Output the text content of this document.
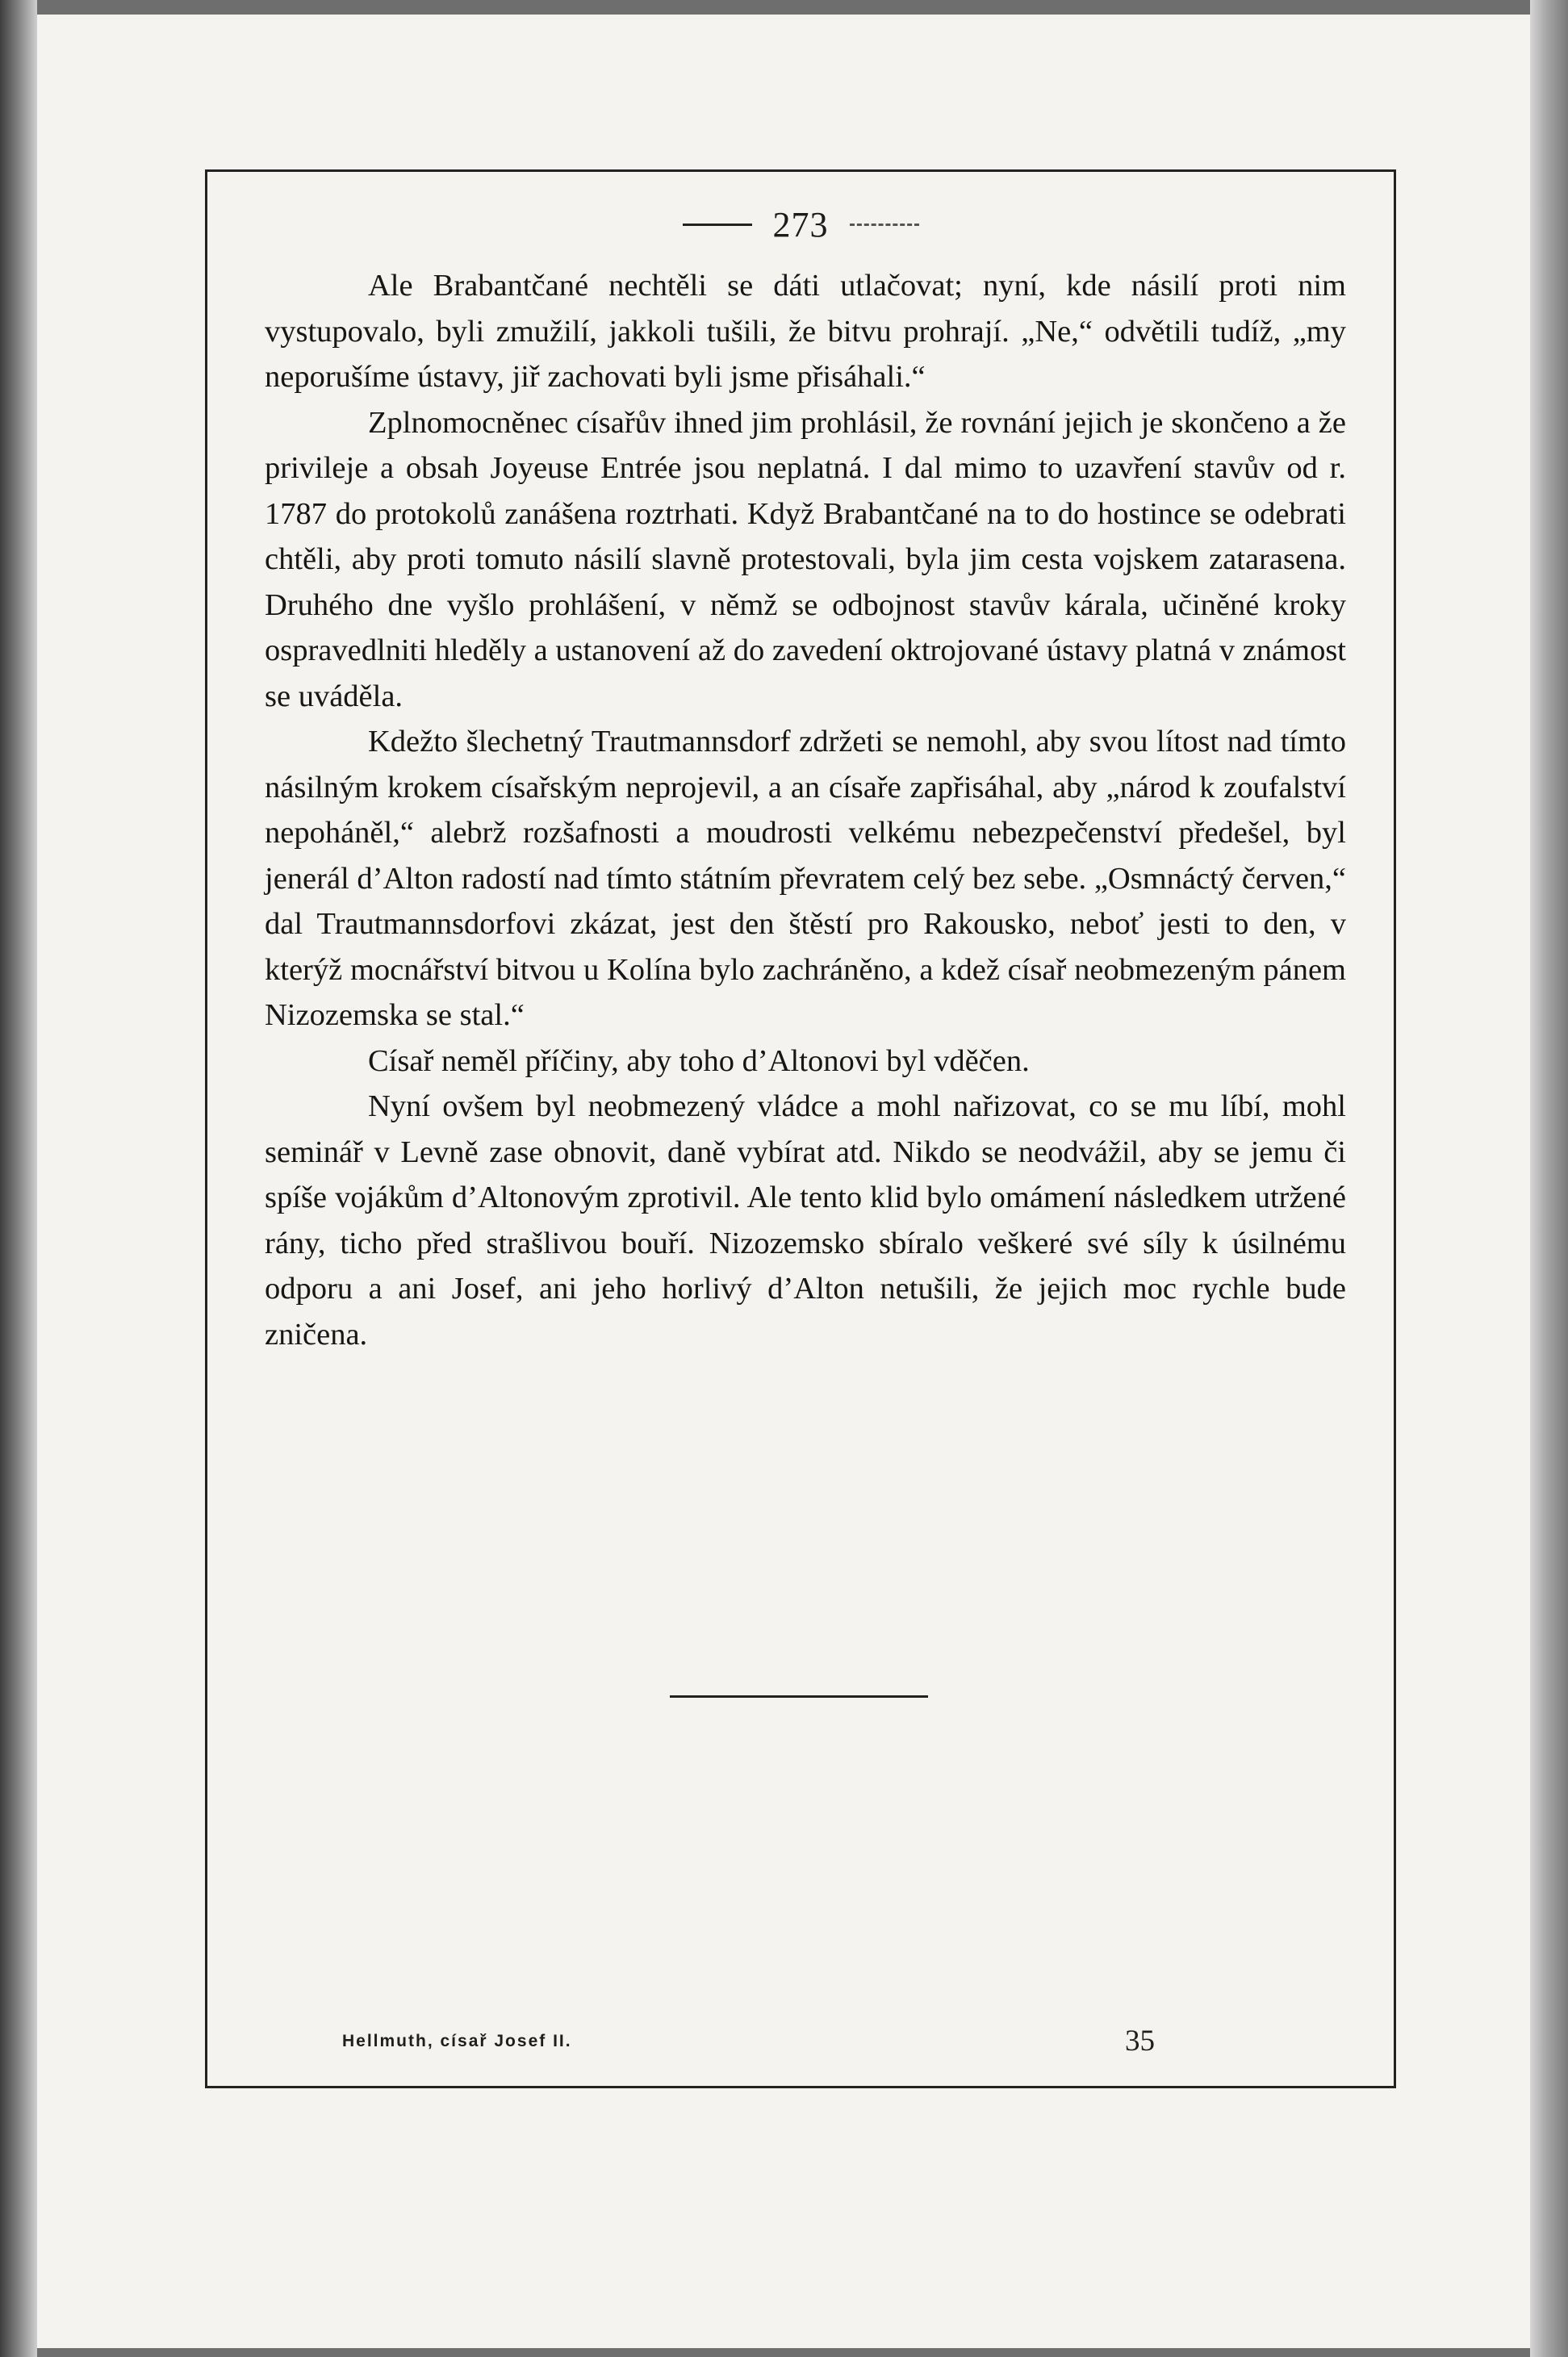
273

Ale Brabantčané nechtěli se dáti utlačovat; nyní, kde násilí proti nim vystupovalo, byli zmužilí, jakkoli tušili, že bitvu prohrají. „Ne,“ odvětili tudíž, „my neporušíme ústavy, jiř zachovati byli jsme přisáhali.“

Zplnomocněnec císařův ihned jim prohlásil, že rovnání jejich je skončeno a že privileje a obsah Joyeuse Entrée jsou neplatná. I dal mimo to uzavření stavův od r. 1787 do protokolů zanášena roztrhati. Když Brabantčané na to do hostince se odebrati chtěli, aby proti tomuto násilí slavně protestovali, byla jim cesta vojskem zatarasena. Druhého dne vyšlo prohlášení, v němž se odbojnost stavův kárala, učiněné kroky ospravedlniti hleděly a ustanovení až do zavedení oktrojované ústavy platná v známost se uváděla.

Kdežto šlechetný Trautmannsdorf zdržeti se nemohl, aby svou lítost nad tímto násilným krokem císařským neprojevil, a an císaře zapřisáhal, aby „národ k zoufalství nepoháněl,“ alebrž rozšafnosti a moudrosti velkému nebezpečenství předešel, byl jenerál d’Alton radostí nad tímto státním převratem celý bez sebe. „Osmnáctý červen,“ dal Trautmannsdorfovi zkázat, jest den štěstí pro Rakousko, neboť jesti to den, v kterýž mocnářství bitvou u Kolína bylo zachráněno, a kdež císař neobmezeným pánem Nizozemska se stal.“

Císař neměl příčiny, aby toho d’Altonovi byl vděčen.

Nyní ovšem byl neobmezený vládce a mohl nařizovat, co se mu líbí, mohl seminář v Levně zase obnovit, daně vybírat atd. Nikdo se neodvážil, aby se jemu či spíše vojákům d’Altonovým zprotivil. Ale tento klid bylo omámení následkem utržené rány, ticho před strašlivou bouří. Nizozemsko sbíralo veškeré své síly k úsilnému odporu a ani Josef, ani jeho horlivý d’Alton netušili, že jejich moc rychle bude zničena.

Hellmuth, císař Josef II.	35
